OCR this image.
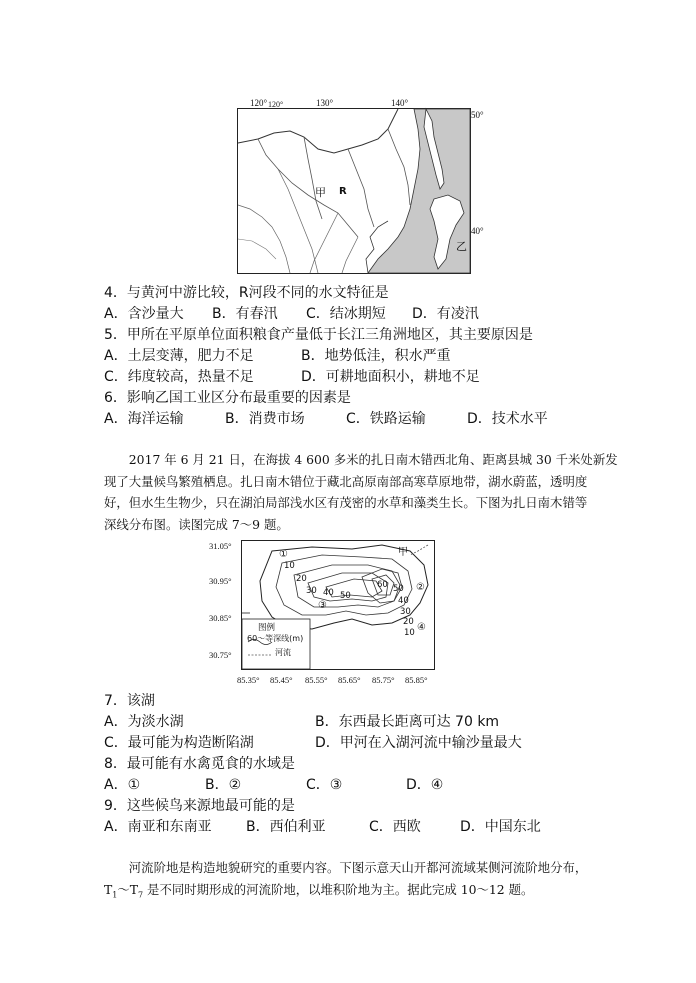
120°
120°	130°	140°
50°
40°
甲 R
乙
4．与黄河中游比较，R河段不同的水文特征是
A．含沙量大 B．有春汛 C．结冰期短 D．有凌汛
5．甲所在平原单位面积粮食产量低于长江三角洲地区，其主要原因是
A．土层变薄，肥力不足	B．地势低洼，积水严重
C．纬度较高，热量不足	D．可耕地面积小，耕地不足
6．影响乙国工业区分布最重要的因素是
A．海洋运输	B．消费市场	C．铁路运输	D．技术水平
2017 年 6 月 21 日，在海拔 4 600 多米的扎日南木错西北角、距离县城 30 千米处新发
现了大量候鸟繁殖栖息。扎日南木错位于藏北高原南部高寒草原地带，湖水蔚蓝，透明度
好，但水生生物少，只在湖泊局部浅水区有茂密的水草和藻类生长。下图为扎日南木错等
深线分布图。读图完成 7～9 题。
31.05°
30.95°
30.85°
30.75°
85.35° 85.45° 85.55° 85.65° 85.75° 85.85°
10
20
30 40 50
60 50
40
30
20
10
①
②
③
④
甲
图例
60～等深线(m)
河流
7．该湖
A．为淡水湖	B．东西最长距离可达 70 km
C．最可能为构造断陷湖	D．甲河在入湖河流中输沙量最大
8．最可能有水禽觅食的水域是
A．①	B．②	C．③	D．④
9．这些候鸟来源地最可能的是
A．南亚和东南亚 B．西伯利亚	C．西欧	D．中国东北
河流阶地是构造地貌研究的重要内容。下图示意天山开都河流域某侧河流阶地分布，
$T_1\sim T_7$ 是不同时期形成的河流阶地，以堆积阶地为主。据此完成 10～12 题。
